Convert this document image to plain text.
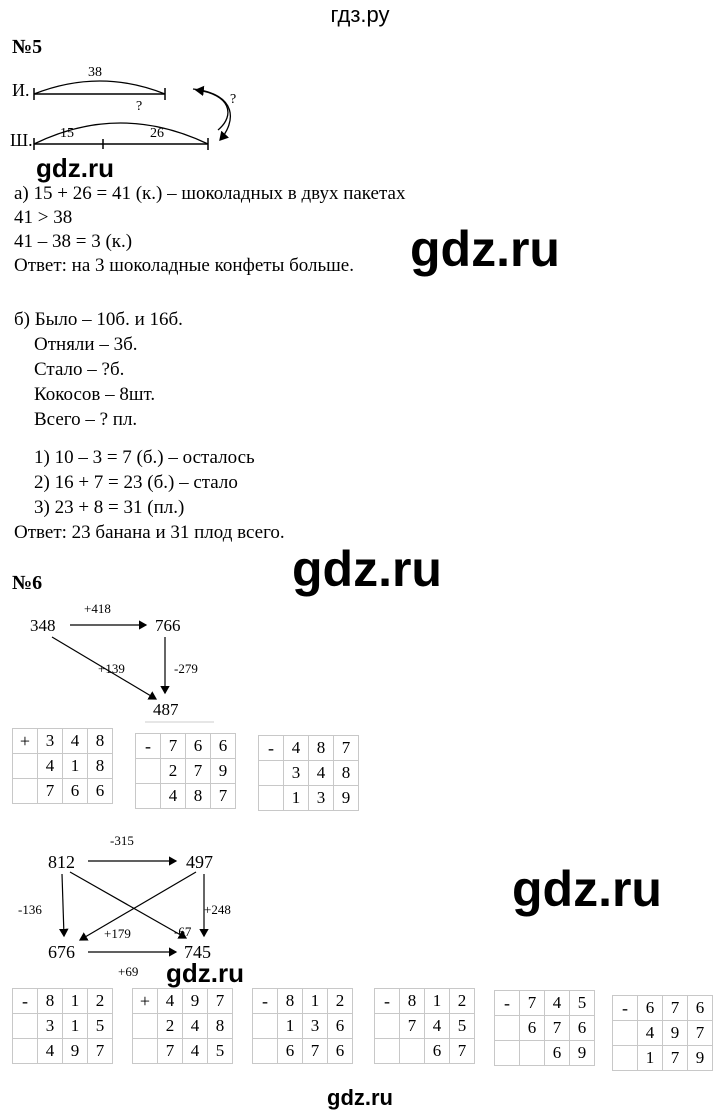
гдз.ру
№5
И.
38
?
Ш. 15	26
?
gdz.ru
а) 15 + 26 = 41 (к.) – шоколадных в двух пакетах
41 > 38
41 – 38 = 3 (к.)
Ответ: на 3 шоколадные конфеты больше. gdz.ru
б) Было – 10б. и 16б.
Отняли – 3б.
Стало – ?б.
Кокосов – 8шт.
Всего – ? пл.
1) 10 – 3 = 7 (б.) – осталось
2) 16 + 7 = 23 (б.) – стало
3) 23 + 8 = 31 (пл.)
Ответ: 23 банана и 31 плод всего.
gdz.ru
№6
348	766
487
+418
+139	-279
+	3	4	8
	4	1	8
	7	6	6
-	7	6	6
	2	7	9
	4	8	7
-	4	8	7
	3	4	8
	1	3	9
gdz.ru
-315
812	497
676	745
-136	+248
+179	-67
+69 gdz.ru
-	8	1	2
	3	1	5
	4	9	7
+	4	9	7
	2	4	8
	7	4	5
-	8	1	2
	1	3	6
	6	7	6
-	8	1	2
	7	4	5
		6	7
-	7	4	5
	6	7	6
		6	9
-	6	7	6
	4	9	7
	1	7	9
gdz.ru
